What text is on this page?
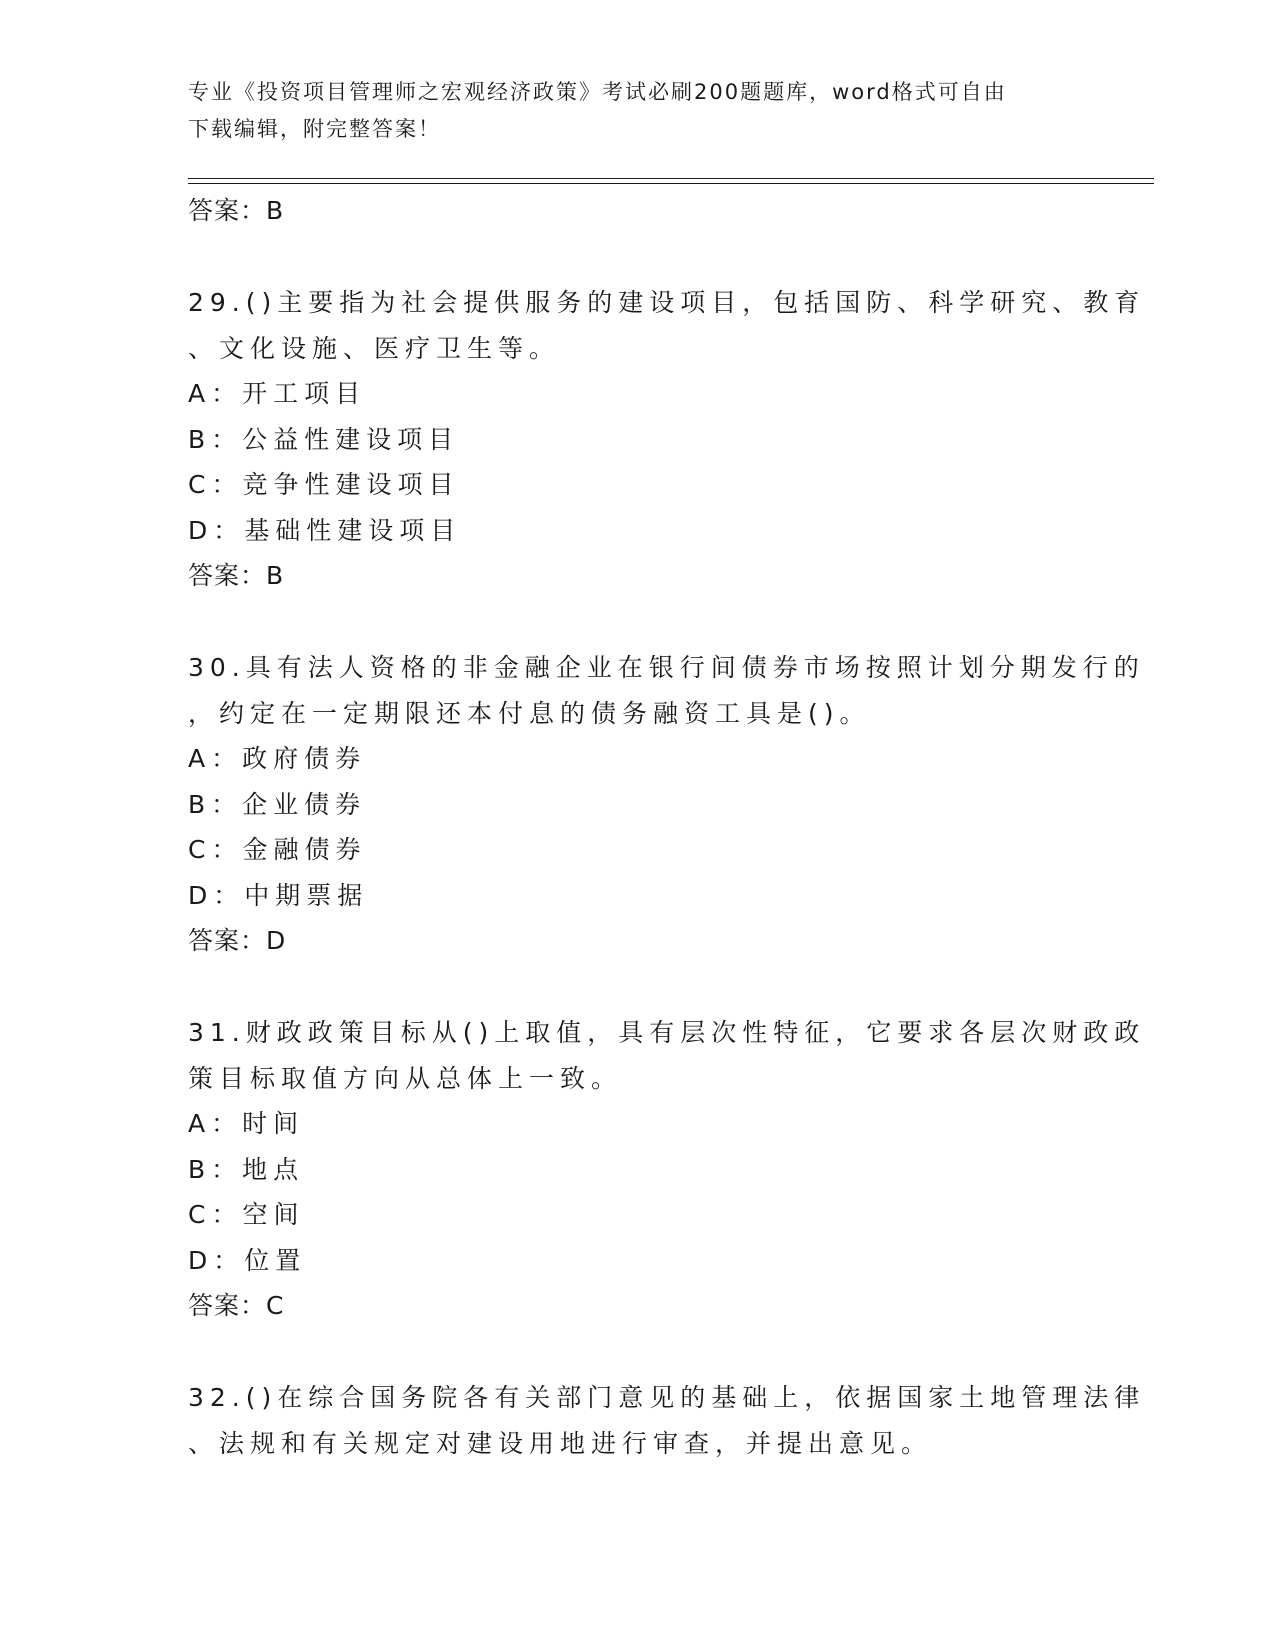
专业《投资项目管理师之宏观经济政策》考试必刷200题题库，word格式可自由
下载编辑，附完整答案！
答案：B
29.()主要指为社会提供服务的建设项目，包括国防、科学研究、教育
、文化设施、医疗卫生等。
A：开工项目
B：公益性建设项目
C：竞争性建设项目
D：基础性建设项目
答案：B
30.具有法人资格的非金融企业在银行间债券市场按照计划分期发行的
，约定在一定期限还本付息的债务融资工具是()。
A：政府债券
B：企业债券
C：金融债券
D：中期票据
答案：D
31.财政政策目标从()上取值，具有层次性特征，它要求各层次财政政
策目标取值方向从总体上一致。
A：时间
B：地点
C：空间
D：位置
答案：C
32.()在综合国务院各有关部门意见的基础上，依据国家土地管理法律
、法规和有关规定对建设用地进行审查，并提出意见。
